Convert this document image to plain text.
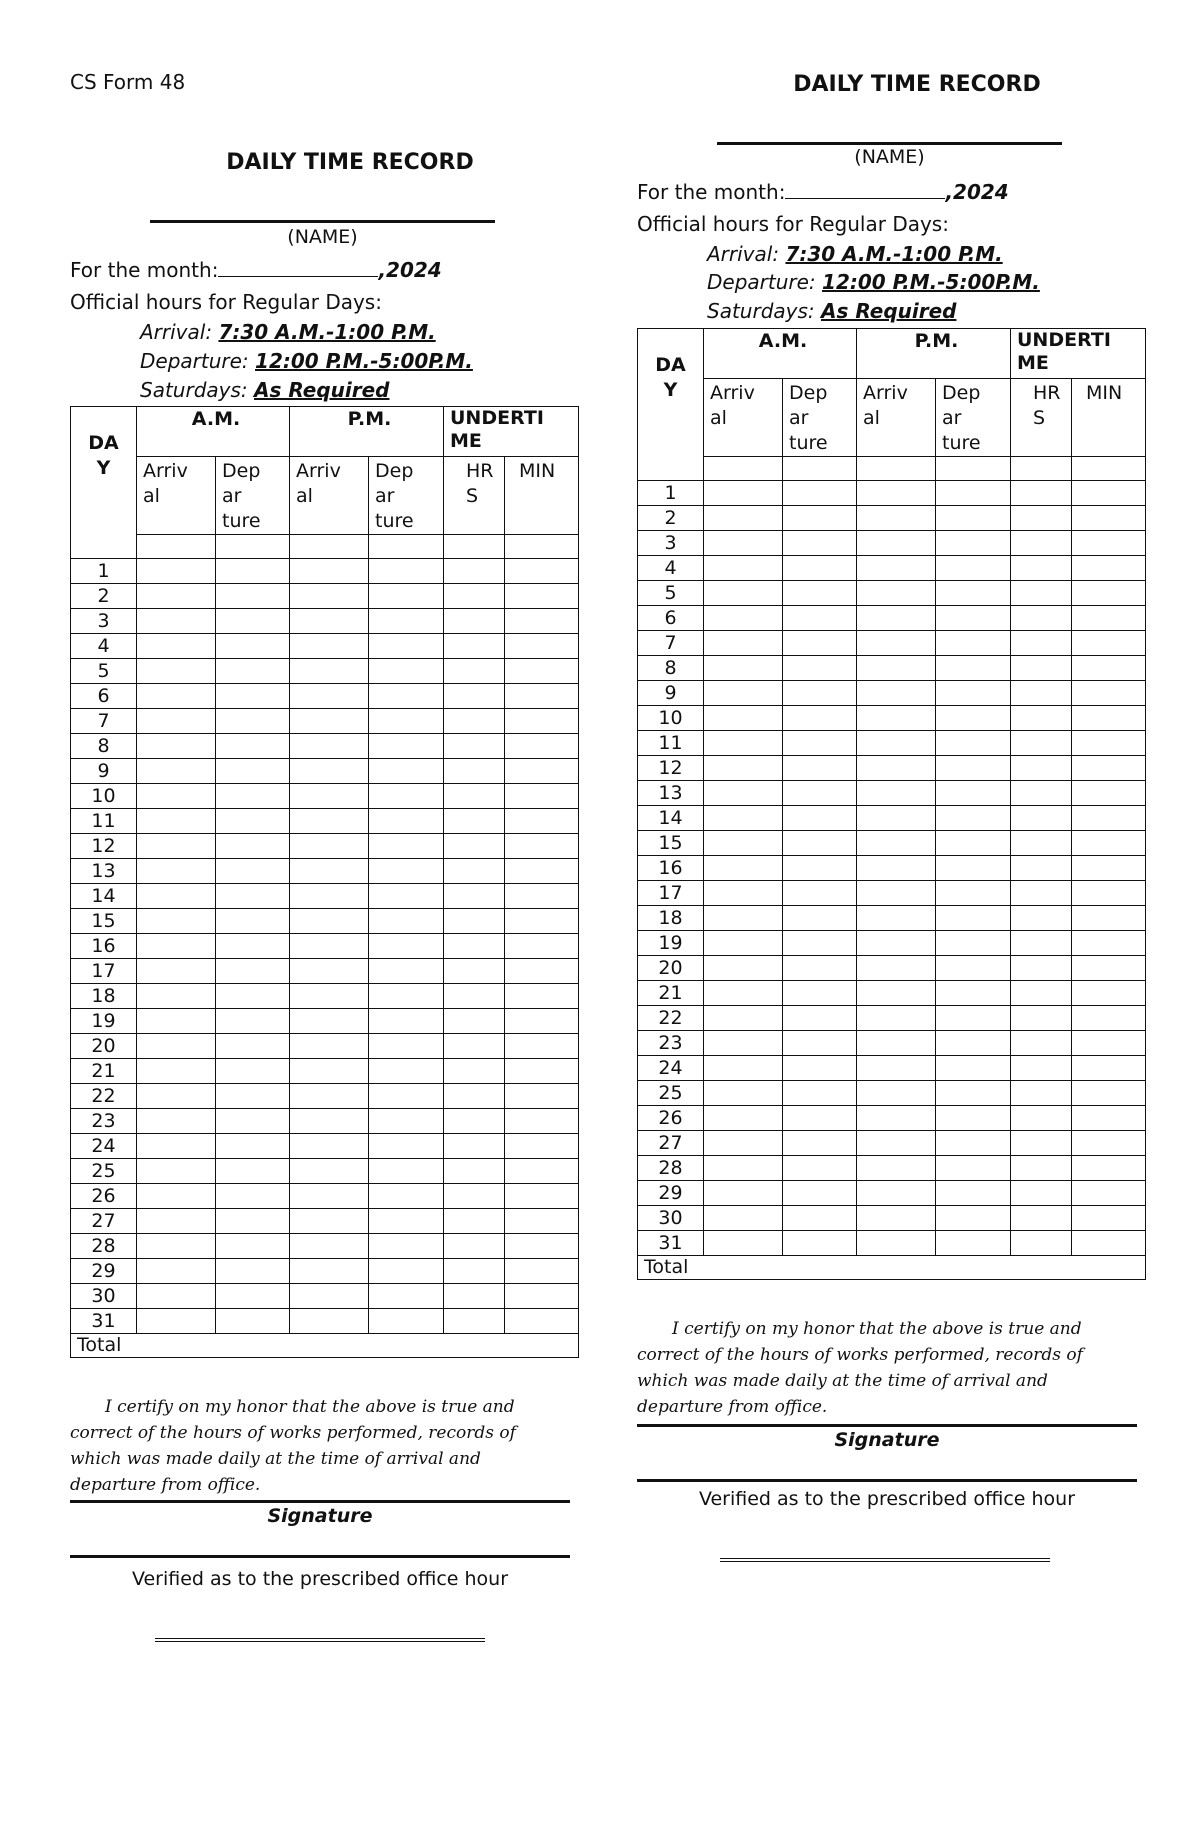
CS Form 48
DAILY TIME RECORD
(NAME)
For the month:	,2024
Official hours for Regular Days:
Arrival: 7:30 A.M.-1:00 P.M.
Departure: 12:00 P.M.-5:00P.M.
Saturdays: As Required
DA Y	A.M.		P.M.		UNDERTI ME	
	Arriv al	Dep ar ture	Arriv al	Dep ar ture	HR S	MIN

1						
2						
3						
4						
5						
6						
7						
8						
9						
10						
11						
12						
13						
14						
15						
16						
17						
18						
19						
20						
21						
22						
23						
24						
25						
26						
27						
28						
29						
30						
31						
Total						
I certify on my honor that the above is true and correct of the hours of works performed, records of which was made daily at the time of arrival and departure from office.
Signature
Verified as to the prescribed office hour
DAILY TIME RECORD
(NAME)
For the month:	,2024
Official hours for Regular Days:
Arrival: 7:30 A.M.-1:00 P.M.
Departure: 12:00 P.M.-5:00P.M.
Saturdays: As Required
DA Y	A.M.		P.M.		UNDERTI ME	
	Arriv al	Dep ar ture	Arriv al	Dep ar ture	HR S	MIN

1						
2						
3						
4						
5						
6						
7						
8						
9						
10						
11						
12						
13						
14						
15						
16						
17						
18						
19						
20						
21						
22						
23						
24						
25						
26						
27						
28						
29						
30						
31						
Total						
I certify on my honor that the above is true and correct of the hours of works performed, records of which was made daily at the time of arrival and departure from office.
Signature
Verified as to the prescribed office hour
